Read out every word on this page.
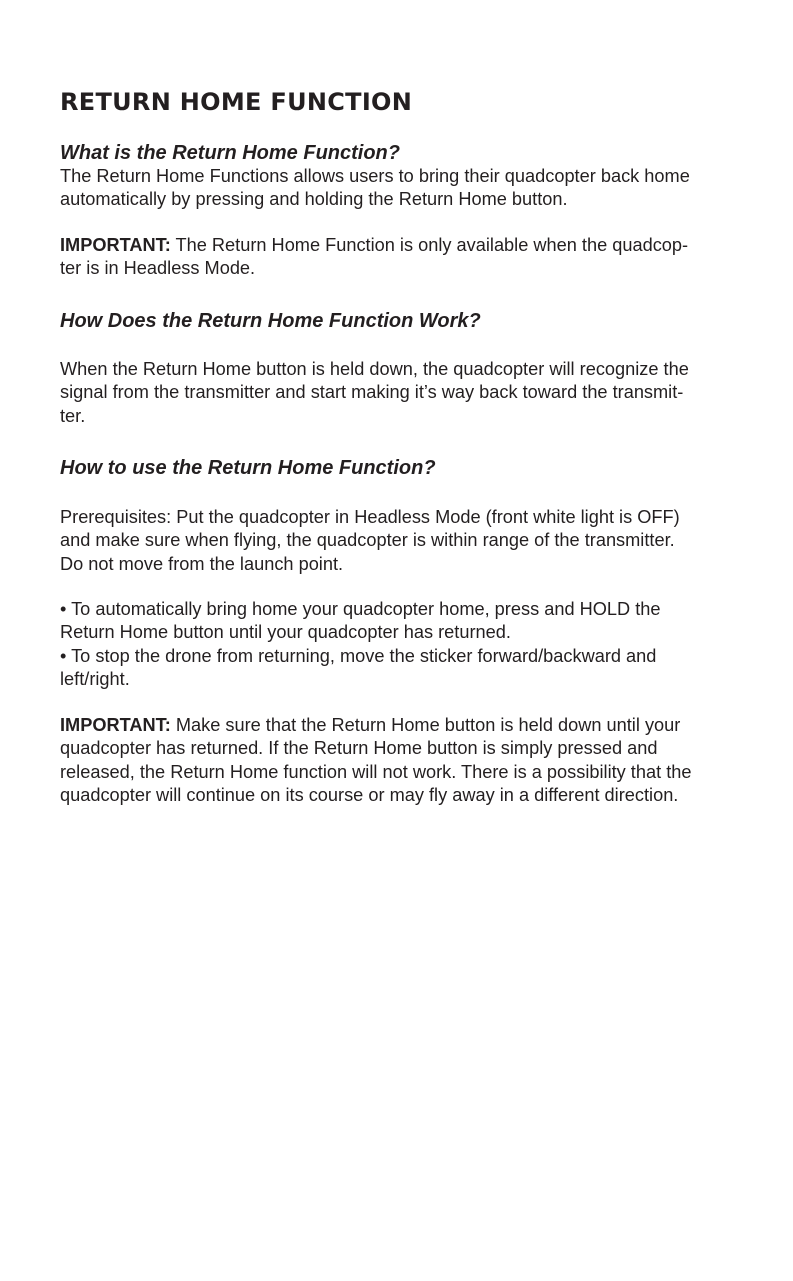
RETURN HOME FUNCTION
What is the Return Home Function?

The Return Home Functions allows users to bring their quadcopter back home
automatically by pressing and holding the Return Home button.

IMPORTANT: The Return Home Function is only available when the quadcop-
ter is in Headless Mode.

How Does the Return Home Function Work?

When the Return Home button is held down, the quadcopter will recognize the
signal from the transmitter and start making it’s way back toward the transmit-
ter.

How to use the Return Home Function?

Prerequisites: Put the quadcopter in Headless Mode (front white light is OFF)
and make sure when flying, the quadcopter is within range of the transmitter.
Do not move from the launch point.

• To automatically bring home your quadcopter home, press and HOLD the
Return Home button until your quadcopter has returned.
• To stop the drone from returning, move the sticker forward/backward and
left/right.

IMPORTANT: Make sure that the Return Home button is held down until your
quadcopter has returned. If the Return Home button is simply pressed and
released, the Return Home function will not work. There is a possibility that the
quadcopter will continue on its course or may fly away in a different direction.
